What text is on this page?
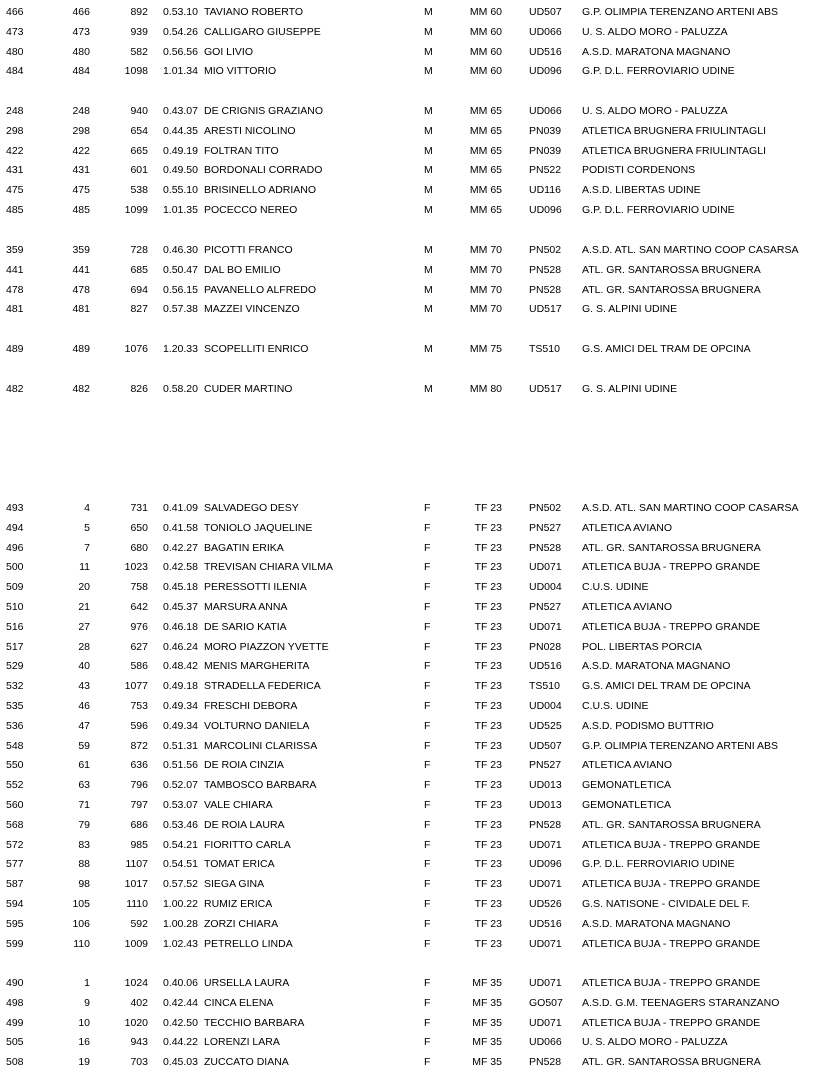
466	466	892	0.53.10 TAVIANO ROBERTO	M	MM 60	UD507	G.P. OLIMPIA TERENZANO ARTENI ABS
473	473	939	0.54.26 CALLIGARO GIUSEPPE	M	MM 60	UD066	U. S. ALDO MORO - PALUZZA
480	480	582	0.56.56 GOI LIVIO	M	MM 60	UD516	A.S.D. MARATONA MAGNANO
484	484	1098	1.01.34 MIO VITTORIO	M	MM 60	UD096	G.P. D.L. FERROVIARIO UDINE
248	248	940	0.43.07 DE CRIGNIS GRAZIANO	M	MM 65	UD066	U. S. ALDO MORO - PALUZZA
298	298	654	0.44.35 ARESTI NICOLINO	M	MM 65	PN039	ATLETICA BRUGNERA FRIULINTAGLI
422	422	665	0.49.19 FOLTRAN TITO	M	MM 65	PN039	ATLETICA BRUGNERA FRIULINTAGLI
431	431	601	0.49.50 BORDONALI CORRADO	M	MM 65	PN522	PODISTI CORDENONS
475	475	538	0.55.10 BRISINELLO ADRIANO	M	MM 65	UD116	A.S.D. LIBERTAS UDINE
485	485	1099	1.01.35 POCECCO NEREO	M	MM 65	UD096	G.P. D.L. FERROVIARIO UDINE
359	359	728	0.46.30 PICOTTI FRANCO	M	MM 70	PN502	A.S.D. ATL. SAN MARTINO COOP CASARSA
441	441	685	0.50.47 DAL BO EMILIO	M	MM 70	PN528	ATL. GR. SANTAROSSA BRUGNERA
478	478	694	0.56.15 PAVANELLO ALFREDO	M	MM 70	PN528	ATL. GR. SANTAROSSA BRUGNERA
481	481	827	0.57.38 MAZZEI VINCENZO	M	MM 70	UD517	G. S. ALPINI UDINE
489	489	1076	1.20.33 SCOPELLITI ENRICO	M	MM 75	TS510	G.S. AMICI DEL TRAM DE OPCINA
482	482	826	0.58.20 CUDER MARTINO	M	MM 80	UD517	G. S. ALPINI UDINE
493	4	731	0.41.09 SALVADEGO DESY	F	TF 23	PN502	A.S.D. ATL. SAN MARTINO COOP CASARSA
494	5	650	0.41.58 TONIOLO JAQUELINE	F	TF 23	PN527	ATLETICA AVIANO
496	7	680	0.42.27 BAGATIN ERIKA	F	TF 23	PN528	ATL. GR. SANTAROSSA BRUGNERA
500	11	1023	0.42.58 TREVISAN CHIARA VILMA	F	TF 23	UD071	ATLETICA BUJA - TREPPO GRANDE
509	20	758	0.45.18 PERESSOTTI ILENIA	F	TF 23	UD004	C.U.S. UDINE
510	21	642	0.45.37 MARSURA ANNA	F	TF 23	PN527	ATLETICA AVIANO
516	27	976	0.46.18 DE SARIO KATIA	F	TF 23	UD071	ATLETICA BUJA - TREPPO GRANDE
517	28	627	0.46.24 MORO PIAZZON YVETTE	F	TF 23	PN028	POL. LIBERTAS PORCIA
529	40	586	0.48.42 MENIS MARGHERITA	F	TF 23	UD516	A.S.D. MARATONA MAGNANO
532	43	1077	0.49.18 STRADELLA FEDERICA	F	TF 23	TS510	G.S. AMICI DEL TRAM DE OPCINA
535	46	753	0.49.34 FRESCHI DEBORA	F	TF 23	UD004	C.U.S. UDINE
536	47	596	0.49.34 VOLTURNO DANIELA	F	TF 23	UD525	A.S.D. PODISMO BUTTRIO
548	59	872	0.51.31 MARCOLINI CLARISSA	F	TF 23	UD507	G.P. OLIMPIA TERENZANO ARTENI ABS
550	61	636	0.51.56 DE ROIA CINZIA	F	TF 23	PN527	ATLETICA AVIANO
552	63	796	0.52.07 TAMBOSCO BARBARA	F	TF 23	UD013	GEMONATLETICA
560	71	797	0.53.07 VALE CHIARA	F	TF 23	UD013	GEMONATLETICA
568	79	686	0.53.46 DE ROIA LAURA	F	TF 23	PN528	ATL. GR. SANTAROSSA BRUGNERA
572	83	985	0.54.21 FIORITTO CARLA	F	TF 23	UD071	ATLETICA BUJA - TREPPO GRANDE
577	88	1107	0.54.51 TOMAT ERICA	F	TF 23	UD096	G.P. D.L. FERROVIARIO UDINE
587	98	1017	0.57.52 SIEGA GINA	F	TF 23	UD071	ATLETICA BUJA - TREPPO GRANDE
594	105	1110	1.00.22 RUMIZ ERICA	F	TF 23	UD526	G.S. NATISONE - CIVIDALE DEL F.
595	106	592	1.00.28 ZORZI CHIARA	F	TF 23	UD516	A.S.D. MARATONA MAGNANO
599	110	1009	1.02.43 PETRELLO LINDA	F	TF 23	UD071	ATLETICA BUJA - TREPPO GRANDE
490	1	1024	0.40.06 URSELLA LAURA	F	MF 35	UD071	ATLETICA BUJA - TREPPO GRANDE
498	9	402	0.42.44 CINCA ELENA	F	MF 35	GO507	A.S.D. G.M. TEENAGERS STARANZANO
499	10	1020	0.42.50 TECCHIO BARBARA	F	MF 35	UD071	ATLETICA BUJA - TREPPO GRANDE
505	16	943	0.44.22 LORENZI LARA	F	MF 35	UD066	U. S. ALDO MORO - PALUZZA
508	19	703	0.45.03 ZUCCATO DIANA	F	MF 35	PN528	ATL. GR. SANTAROSSA BRUGNERA
